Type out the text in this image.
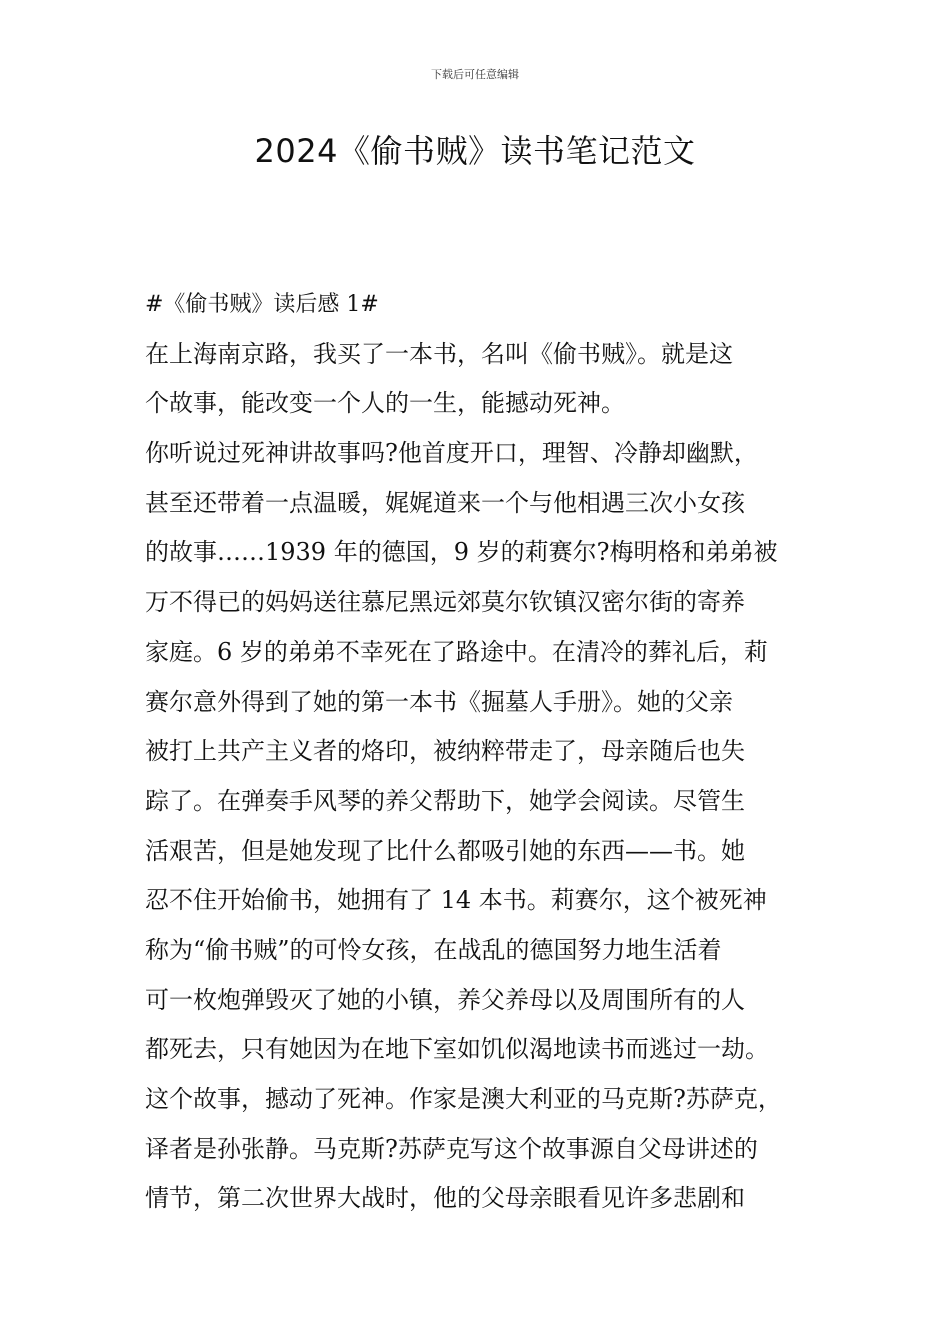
下载后可任意编辑
2024《偷书贼》读书笔记范文
#《偷书贼》读后感 1#
在上海南京路，我买了一本书，名叫《偷书贼》。就是这
个故事，能改变一个人的一生，能撼动死神。
你听说过死神讲故事吗?他首度开口，理智、冷静却幽默，
甚至还带着一点温暖，娓娓道来一个与他相遇三次小女孩
的故事……1939 年的德国，9 岁的莉赛尔?梅明格和弟弟被
万不得已的妈妈送往慕尼黑远郊莫尔钦镇汉密尔街的寄养
家庭。6 岁的弟弟不幸死在了路途中。在清冷的葬礼后，莉
赛尔意外得到了她的第一本书《掘墓人手册》。她的父亲
被打上共产主义者的烙印，被纳粹带走了，母亲随后也失
踪了。在弹奏手风琴的养父帮助下，她学会阅读。尽管生
活艰苦，但是她发现了比什么都吸引她的东西——书。她
忍不住开始偷书，她拥有了 14 本书。莉赛尔，这个被死神
称为“偷书贼”的可怜女孩，在战乱的德国努力地生活着
可一枚炮弹毁灭了她的小镇，养父养母以及周围所有的人
都死去，只有她因为在地下室如饥似渴地读书而逃过一劫。
这个故事，撼动了死神。作家是澳大利亚的马克斯?苏萨克，
译者是孙张静。马克斯?苏萨克写这个故事源自父母讲述的
情节，第二次世界大战时，他的父母亲眼看见许多悲剧和
